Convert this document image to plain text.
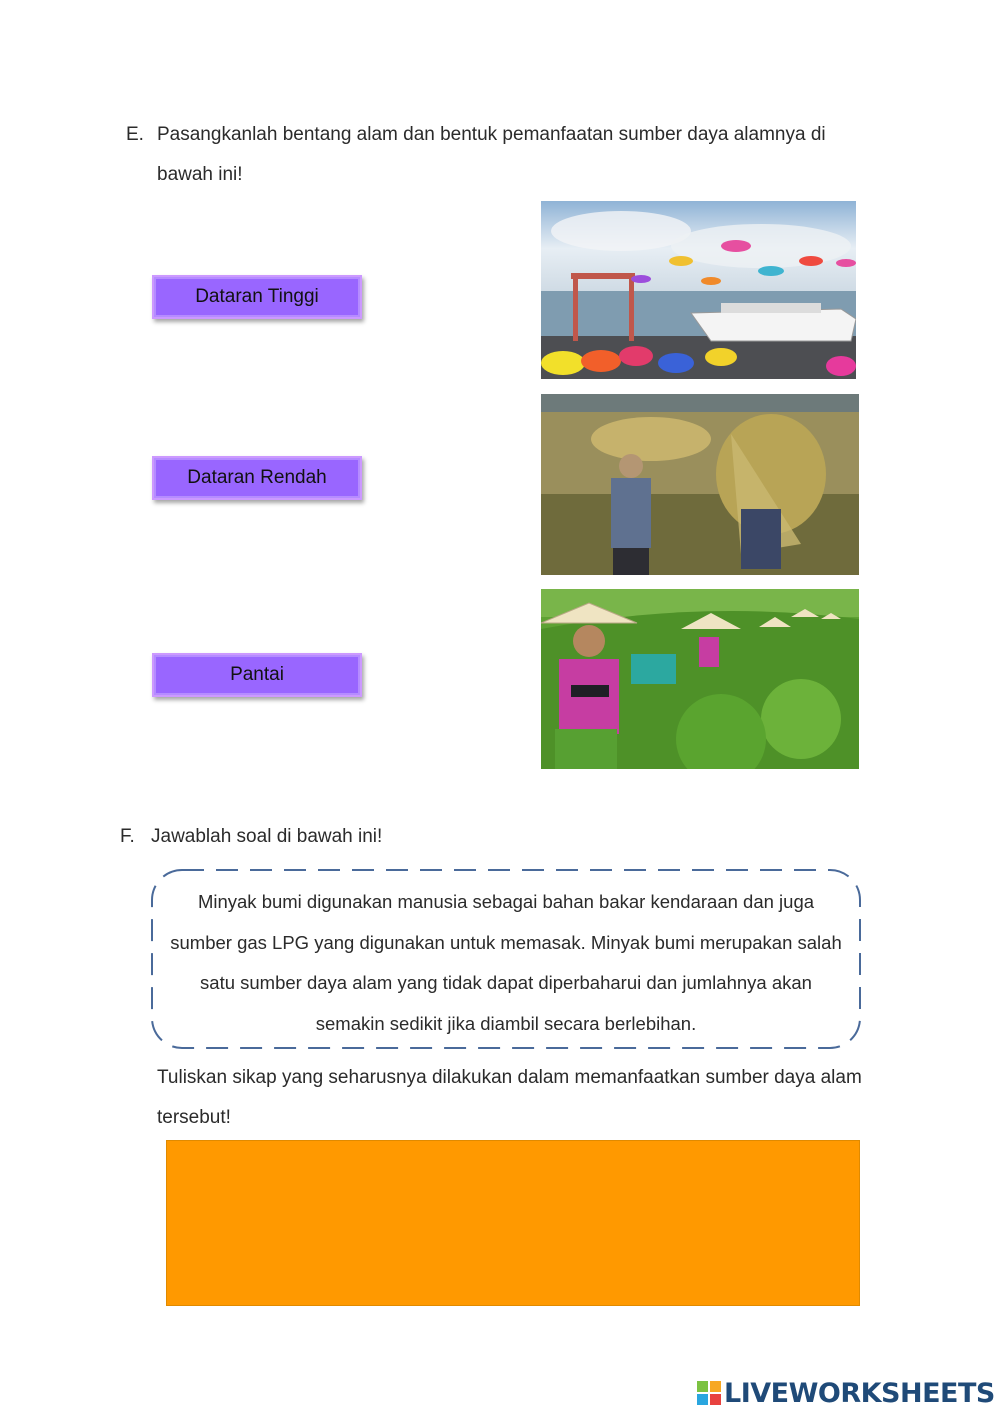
E. Pasangkanlah bentang alam dan bentuk pemanfaatan sumber daya alamnya di
bawah ini!
Dataran Tinggi
Dataran Rendah
Pantai
F. Jawablah soal di bawah ini!
Minyak bumi digunakan manusia sebagai bahan bakar kendaraan dan juga sumber gas LPG yang digunakan untuk memasak. Minyak bumi merupakan salah satu sumber daya alam yang tidak dapat diperbaharui dan jumlahnya akan semakin sedikit jika diambil secara berlebihan.
Tuliskan sikap yang seharusnya dilakukan dalam memanfaatkan sumber daya alam
tersebut!
LIVEWORKSHEETS
